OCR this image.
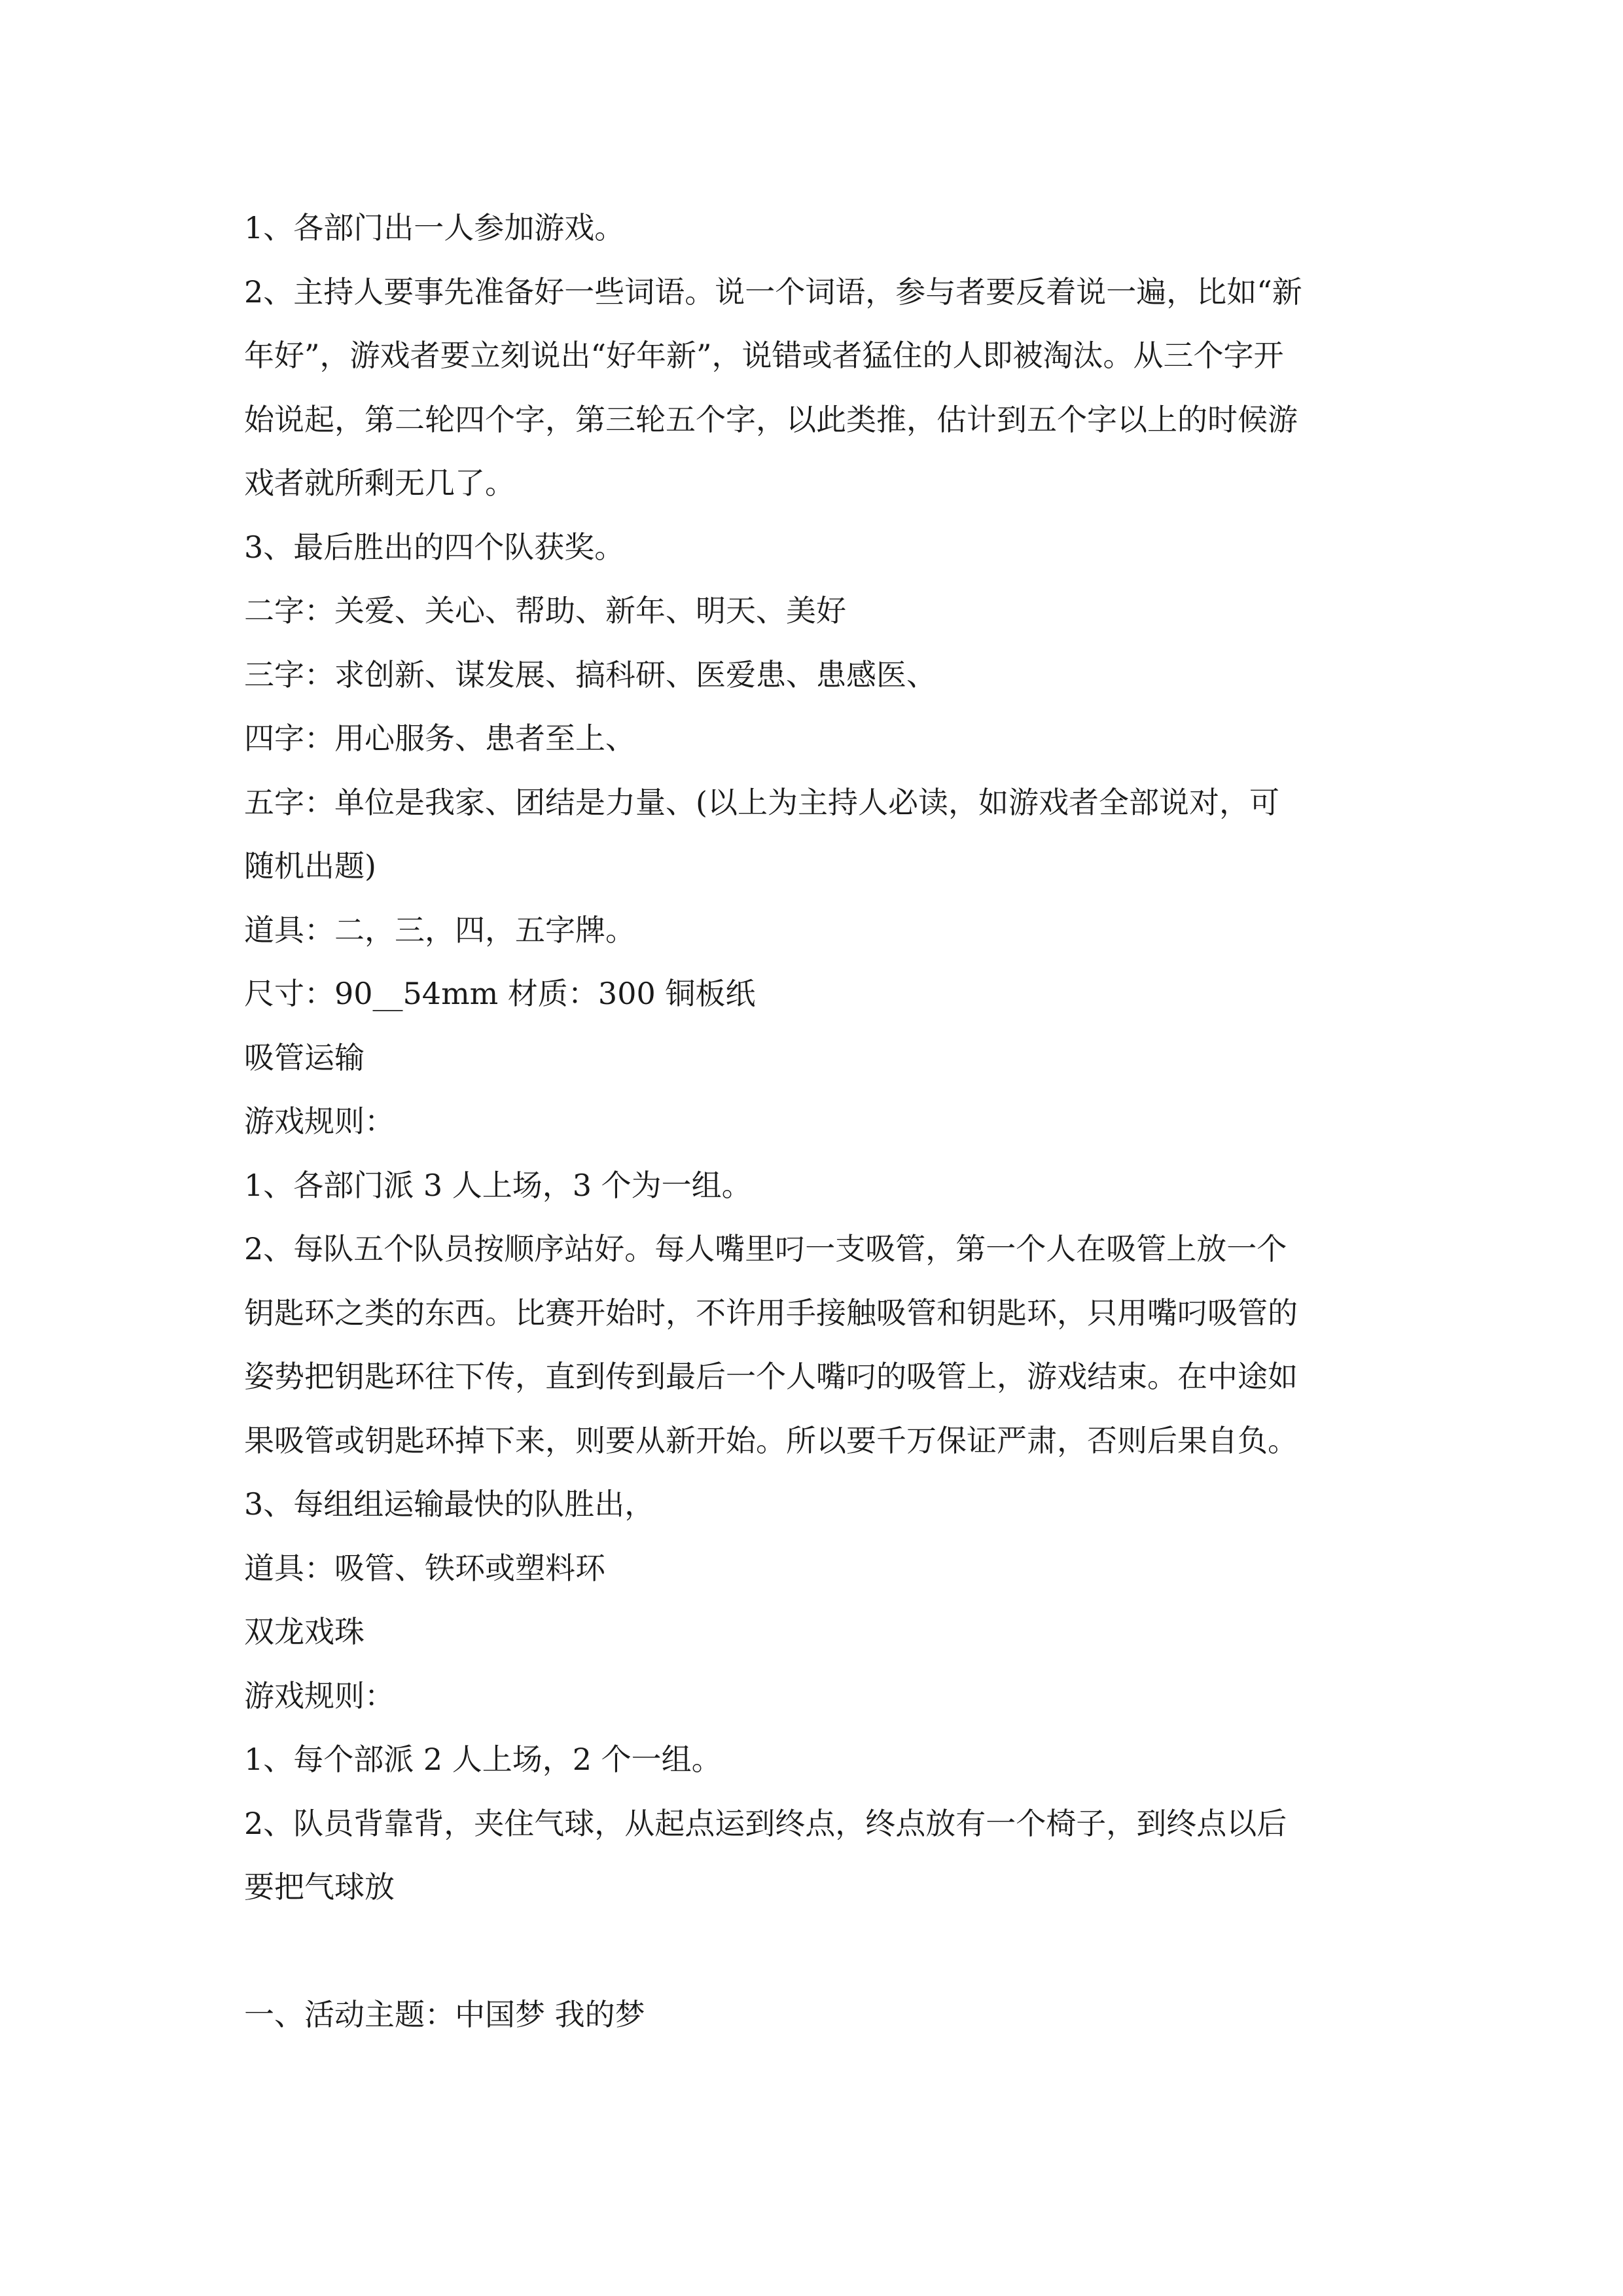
1、各部门出一人参加游戏。
2、主持人要事先准备好一些词语。说一个词语，参与者要反着说一遍，比如“新
年好”，游戏者要立刻说出“好年新”，说错或者猛住的人即被淘汰。从三个字开
始说起，第二轮四个字，第三轮五个字，以此类推，估计到五个字以上的时候游
戏者就所剩无几了。
3、最后胜出的四个队获奖。
二字：关爱、关心、帮助、新年、明天、美好
三字：求创新、谋发展、搞科研、医爱患、患感医、
四字：用心服务、患者至上、
五字：单位是我家、团结是力量、(以上为主持人必读，如游戏者全部说对，可
随机出题)
道具：二，三，四，五字牌。
尺寸：90__54mm 材质：300 铜板纸
吸管运输
游戏规则：
1、各部门派 3 人上场，3 个为一组。
2、每队五个队员按顺序站好。每人嘴里叼一支吸管，第一个人在吸管上放一个
钥匙环之类的东西。比赛开始时，不许用手接触吸管和钥匙环，只用嘴叼吸管的
姿势把钥匙环往下传，直到传到最后一个人嘴叼的吸管上，游戏结束。在中途如
果吸管或钥匙环掉下来，则要从新开始。所以要千万保证严肃，否则后果自负。
3、每组组运输最快的队胜出，
道具：吸管、铁环或塑料环
双龙戏珠
游戏规则：
1、每个部派 2 人上场，2 个一组。
2、队员背靠背，夹住气球，从起点运到终点，终点放有一个椅子，到终点以后
要把气球放
一、活动主题：中国梦 我的梦
